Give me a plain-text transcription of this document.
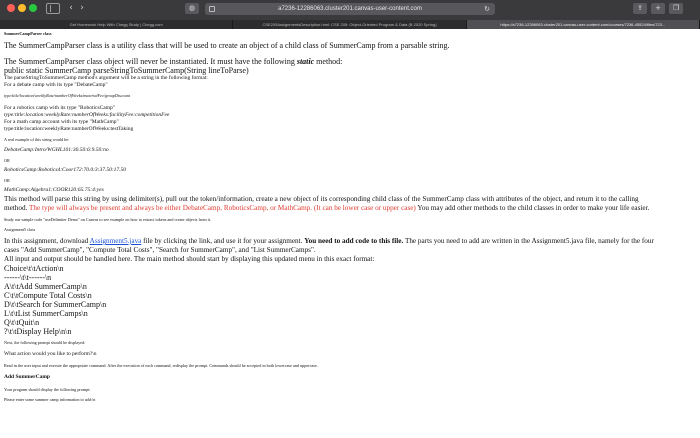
‹ ›	◍	a7236-12286063.cluster201.canvas-user-content.com	↻	⇪	+	❐
Get Homework Help With Chegg Study | Chegg.com	CSE205AssignmentsDescription.html: CSE 205: Object-Oriented Program & Data (B 2020 Spring)	https://a7236-12286063.cluster201.canvas-user-content.com/courses/7236-45524/files/723...
SummerCampParser class
The SummerCampParser class is a utility class that will be used to create an object of a child class of SummerCamp from a parsable string.
The SummerCampParser class object will never be instantiated. It must have the following static method:
public static SummerCamp parseStringToSummerCamp(String lineToParse)
The parseStringToSummerCamp method's argument will be a string in the following format:
For a debate camp with its type "DebateCamp"
type/title/location/weeklyRate/numberOfWeeks/materialFee/groupDiscount
For a robotics camp with its type "RoboticsCamp"
type:title:location:weeklyRate:numberOfWeeks:facilityFee:competitionFee
For a math camp account with its type "MathCamp"
type:title:location:weeklyRate:numberOfWeeks:testTaking
A real example of this string would be:
DebateCamp:Intro/WGHL101:30.50:6:9.50:no
OR
RoboticsCamp:Robotics4:Coor172:70.0:3:37.50:17.50
OR
MathCamp:Algebra1:COOR120:65.75:4:yes
This method will parse this string by using delimiter(s), pull out the token/information, create a new object of its corresponding child class of the SummerCamp class with attributes of the object, and return it to the calling
method. The type will always be present and always be either DebateCamp, RoboticsCamp, or MathCamp. (It can be lower case or upper case) You may add other methods to the child classes in order to make your life easier.
Study our sample code "useDelimiter Demo" on Canvas to see example on how to extract tokens and create objects from it.
Assignment5 class
In this assignment, download Assignment5.java file by clicking the link, and use it for your assignment. You need to add code to this file. The parts you need to add are written in the Assignment5.java file, namely for the four
cases "Add SummerCamp", "Compute Total Costs", "Search for SummerCamp", and "List SummerCamps".
All input and output should be handled here. The main method should start by displaying this updated menu in this exact format:
Choice\t\tAction\n
------\t\t------\n
A\t\tAdd SummerCamp\n
C\t\tCompute Total Costs\n
D\t\tSearch for SummerCamp\n
L\t\tList SummerCamps\n
Q\t\tQuit\n
?\t\tDisplay Help\n\n
Next, the following prompt should be displayed:
What action would you like to perform?\n
Read in the user input and execute the appropriate command. After the execution of each command, redisplay the prompt. Commands should be accepted in both lowercase and uppercase.
Add SummerCamp
Your program should display the following prompt:
Please enter some summer camp information to add:\n
